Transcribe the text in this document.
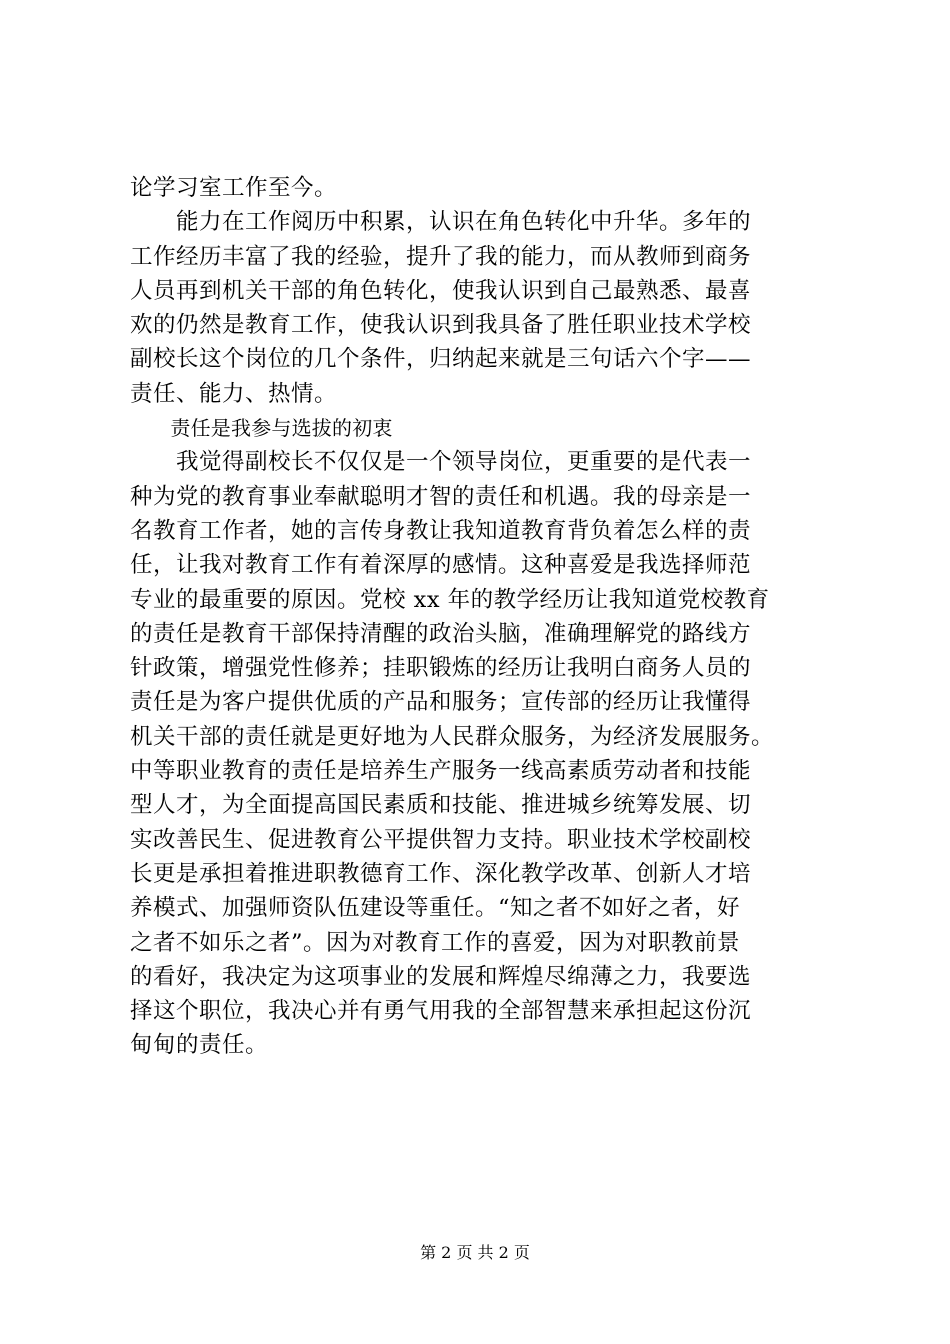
论学习室工作至今。
　　能力在工作阅历中积累，认识在角色转化中升华。多年的
工作经历丰富了我的经验，提升了我的能力，而从教师到商务
人员再到机关干部的角色转化，使我认识到自己最熟悉、最喜
欢的仍然是教育工作，使我认识到我具备了胜任职业技术学校
副校长这个岗位的几个条件，归纳起来就是三句话六个字——
责任、能力、热情。
　　责任是我参与选拔的初衷
　　我觉得副校长不仅仅是一个领导岗位，更重要的是代表一
种为党的教育事业奉献聪明才智的责任和机遇。我的母亲是一
名教育工作者，她的言传身教让我知道教育背负着怎么样的责
任，让我对教育工作有着深厚的感情。这种喜爱是我选择师范
专业的最重要的原因。党校 xx 年的教学经历让我知道党校教育
的责任是教育干部保持清醒的政治头脑，准确理解党的路线方
针政策，增强党性修养；挂职锻炼的经历让我明白商务人员的
责任是为客户提供优质的产品和服务；宣传部的经历让我懂得
机关干部的责任就是更好地为人民群众服务，为经济发展服务。
中等职业教育的责任是培养生产服务一线高素质劳动者和技能
型人才，为全面提高国民素质和技能、推进城乡统筹发展、切
实改善民生、促进教育公平提供智力支持。职业技术学校副校
长更是承担着推进职教德育工作、深化教学改革、创新人才培
养模式、加强师资队伍建设等重任。“知之者不如好之者，好
之者不如乐之者”。因为对教育工作的喜爱，因为对职教前景
的看好，我决定为这项事业的发展和辉煌尽绵薄之力，我要选
择这个职位，我决心并有勇气用我的全部智慧来承担起这份沉
甸甸的责任。
第 2 页 共 2 页
